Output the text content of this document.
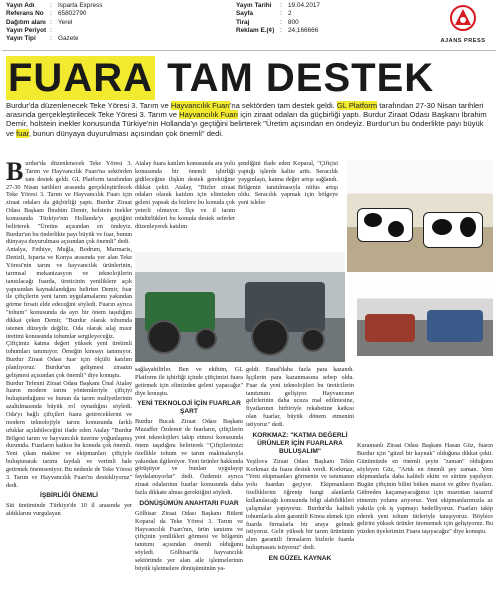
Yayın Adı	: Isparta Express
Referans No : 65802790
Dağıtım alanı : Yerel
Yayın Periyot :
Yayın Tipi	: Gazete
Yayın Tarihi	: 19.04.2017
Sayfa	: 2
Tiraj	: 800
Reklam E.(¢) : 24,166666
AJANS PRESS
FUARA TAM DESTEK
Burdur'da düzenlenecek Teke Yöresi 3. Tarım ve Hayvancılık Fuarı'na sektörden tam destek geldi. GL Platform tarafından 27-30 Nisan tarihleri arasında gerçekleştirilecek Teke Yöresi 3. Tarım ve Hayvancılık Fuarı için ziraat odaları da güçbirliği yaptı. Burdur Ziraat Odası Başkanı İbrahim Demir, holstein inekler konusunda Türkiye'nin Hollanda'yı geçtiğini belirterek "Üretim açısından en öndeyiz. Burdur'un bu önderlikte payı büyük ve fuar, bunun dünyaya duyurulması açısından çok önemli" dedi.
B urdur'da düzenlenecek Teke Yöresi 3. Tarım ve Hayvancılık Fuarı'na sektörden tam destek geldi. GL Platform tarafından 27-30 Nisan tarihleri arasında gerçekleştirilecek Teke Yöresi 3. Tarım ve Hayvancılık Fuarı için ziraat odaları da güçbirliği yaptı. Burdur Ziraat Odası Başkanı İbrahim Demir, holstein inekler konusunda Türkiye'nin Hollanda'yı geçtiğini belirterek "Üretim açısından en öndeyiz. Burdur'un bu önderlikte payı büyük ve fuar, bunun dünyaya duyurulması açısından çok önemli" dedi.

Antalya, Fethiye, Muğla, Bodrum, Marmaris, Denizli, Isparta ve Konya arasında yer alan Teke Yöresi'nin tarım ve hayvancılık ürünlerinin, tarımsal mekanizasyon ve teknolojilerin tanıtılacağı fuarda, üreticinin yeniliklere açık yapısından kaynaklandığını belirten Demir, fuar ile çiftçilerin yeni tarım uygulamalarını yakından görme fırsatı elde edeceğini söyledi. Fuarın ayrıca "tohum" konusunda da ayrı bir önem taşıdığını dikkat çeken Demir, "Burdur olarak tohumda istenen düzeyde değiliz. Oda olarak sılaj mısır üretimi konusunda tohumlar sergileyeceğiz.

Çiftçimiz katma değeri yüksek yeni üretimli tohumları tanımıyor. Örneğin kinoayı tanımıyor. Burdur Ziraat Odası fuar için ölçülü katılım planlıyoruz. Burdur'un gelişmesi ziraatın gelişmesi açısından çok önemli" diye konuştu.

Burdur Tefenni Ziraat Odası Başkanı Ünal Atalay fuarın modern tarım yöntemleriyle çiftçiyi buluşturduğunu ve bunun da tarım maliyetlerinin azaltılmasında büyük rol oynadığını söyledi. Oda'yı bağlı çiftçileri fuara getireceklerini ve modern teknolojiyle tarım konusunda farklı ufuklar açılabileceğini ifade eden Atalay "Burdur Bölgesi tarım ve hayvancılık üzerine yoğunlaşmış durumda. Fuarların katkısı bu konuda çok önemli. Yeni çıkan makine ve ekipmanları çiftçiyle buluşturarak tarımı faydalı ve verimli hale getirmek önemseniyor. Bu nedenle de Teke Yöresi 3. Tarım ve Hayvancılık Fuarı'nı destekliyoruz" dedi.

İŞBİRLİĞİ ÖNEMLİ

Süt üretiminde Türkiye'de 10 il arasında yer aldıklarını vurgulayan

Atalay fuara katılım konusunda ara yolu konusunda bir önemli işbirliği gidileceğine ilişkin destek gerektiğine dikkat çekti. Atalay, "Bizler ziraat odaları olarak katılım için elimizden geleni yapsak da bizlere bu konuda çok yeterli olmuyor. İlçe ve il tarım müdürlükleri bu konuda destek seferler düzenleyerek katılım

şendiğini ifade eden Koparal, "Çiftçisi yaptığı işlerde kalite arttı. Seracılık yaygınlaştı, katma değer artışı sağlandı. Bölgenin tanıtılmasıyla nüfus artışı oldu. Seracılık yapmak için bölgeye yeni isleler

sağlayabilirler. Ben ve ekibim, GL Platform ile işbirliği içinde çiftçimizi fuara getirmek için elimizden geleni yapacağız" diye konuştu.

YENİ TEKNOLOJİ İÇİN FUARLAR ŞART

Burdur Bucak Ziraat Odası Başkanı Muzaffer Özdemir de fuarların, çiftçilerin yeni teknolojileri takip etmesi konusunda önem taşıdığını belirterek "Çiftçilerimizi özellikle tohum ve tarım makinalarıyla yakından ilgileniyor. Yeni ürünler hakkında görüşüyor ve bunları uygulayıp faydalanıyorlar" dedi. Özdemir ayrıca ziraat odalarının fuarlar konusunda daha fazla dikkate almas gerektiğini söyledi.

DÖNÜŞÜMÜN ANAHTARI FUAR

Gölhisar Ziraat Odası Başkanı Bülent Koparal da Teke Yöresi 3. Tarım ve Hayvancılık Fuarı'nın, ürün tanıtımı ve çiftçinin yenilikleri görmesi ve bölgenin tanıtımı açısından önemli olduğunu söyledi. Gölhisar'da hayvancılık sektöründe yer alan aile işletmelerinin büyük işletmelere dönüşümünün ya-

geldi. Esnaf'daha fazla para kazandı. İşçilerin para kazanmasına sebep oldu. Fuar da yeni teknolojileri bu üreticilerin tanıtımını gelişiyor. Hayvancının gelirlerinin daha ucuza mal edilmesine, fiyatlarının birbiriyle rekabetine katkısı olan fuarlar, büyük dönem etmenini istiyoruz" dedi.

KORKMAZ: "KATMA DEĞERLİ ÜRÜNLER İÇİN FUARLARA BULUŞALIM"

Yeşilova Ziraat Odası Başkanı Tekin Korkmaz da fuara destek verdi. Korkmaz, "Yeni ekipmanları görmenin ve tanımanın yolu fuardan geçiyor. Ekipmanların özelliklerini öğrenip hangi alanlarda kullanılacağı konusunda bilgi alabildikleri çalışmalar yapıyoruz. Burdur'da kaliteli tohumlarla alım garantili Kinoa ekmek için fuarda firmalarla bir araya gelmek istiyoruz. Gelir yüksek bir tarım ürününün alım garantili firmaların bizlerle fuarda buluşmasını istiyoruz" dedi.

EN GÜZEL KAYNAK

Kuramanlı Ziraat Odası Başkanı Hasan Güz, fuarın Burdur için "güzel bir kaynak" olduğuna dikkat çekti. Günümüzde en önemli şeyin "zaman" olduğunu söyleyen Güz, "Artık en önemli şey zaman. Yeni ekipmanlarla daha kaliteli ekim ve sürüm yapılıyor. Bugün çiftçinin bilini büken mazot ve gübre fiyatları. Gübreden kaçamayacağımız için mazottan tasarruf etmenin yolunu arıyoruz. Yeni ekipmanlarımızla az yakıtla çok iş yapmayı hedefliyoruz. Fuarları takip ederek yeni tohum türleriyle tanışıyoruz. Böylece gelirini yüksek ürünler ürememek için gelişiyoruz. Bu yüzden üyelerimizi Fuara taşıyacağız" diye konuştu.
